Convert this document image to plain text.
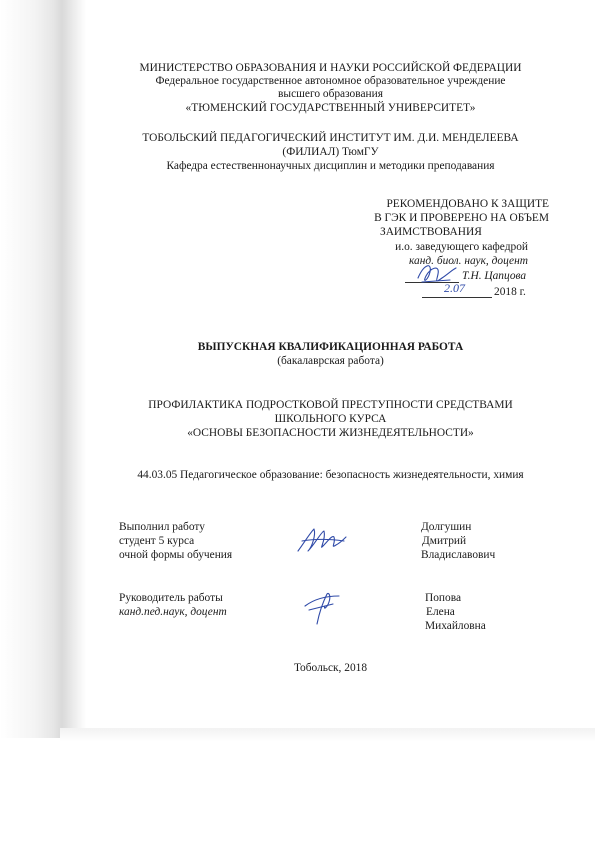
МИНИСТЕРСТВО ОБРАЗОВАНИЯ И НАУКИ РОССИЙСКОЙ ФЕДЕРАЦИИ
Федеральное государственное автономное образовательное учреждение
высшего образования
«ТЮМЕНСКИЙ ГОСУДАРСТВЕННЫЙ УНИВЕРСИТЕТ»
ТОБОЛЬСКИЙ ПЕДАГОГИЧЕСКИЙ ИНСТИТУТ ИМ. Д.И. МЕНДЕЛЕЕВА
(ФИЛИАЛ) ТюмГУ
Кафедра естественнонаучных дисциплин и методики преподавания
РЕКОМЕНДОВАНО К ЗАЩИТЕ
В ГЭК И ПРОВЕРЕНО НА ОБЪЕМ
ЗАИМСТВОВАНИЯ
и.о. заведующего кафедрой
канд. биол. наук, доцент
Т.Н. Цапцова
2.07	2018 г.
ВЫПУСКНАЯ КВАЛИФИКАЦИОННАЯ РАБОТА
(бакалаврская работа)
ПРОФИЛАКТИКА ПОДРОСТКОВОЙ ПРЕСТУПНОСТИ СРЕДСТВАМИ
ШКОЛЬНОГО КУРСА
«ОСНОВЫ БЕЗОПАСНОСТИ ЖИЗНЕДЕЯТЕЛЬНОСТИ»
44.03.05 Педагогическое образование: безопасность жизнедеятельности, химия
Выполнил работу
студент 5 курса
очной формы обучения
Долгушин
Дмитрий
Владиславович
Руководитель работы
канд.пед.наук, доцент
Попова
Елена
Михайловна
Тобольск, 2018
